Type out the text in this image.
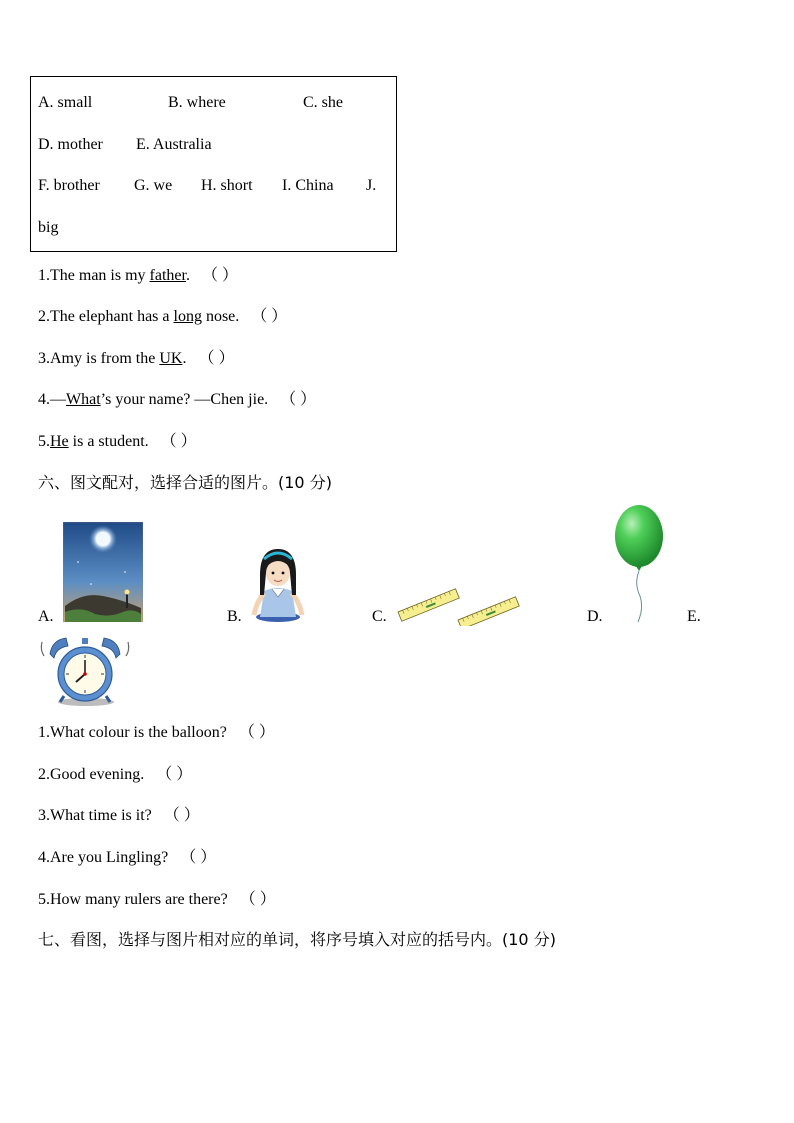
A. small	B. where	C. she
D. mother E. Australia
F. brother G. we H. short I. China J.
big
1.The man is my father. （ ）
2.The elephant has a long nose. （ ）
3.Amy is from the UK. （ ）
4.—What’s your name? —Chen jie. （ ）
5.He is a student. （ ）
六、图文配对，选择合适的图片。(10 分)
A.	B.	C.	D.	E.
1.What colour is the balloon? （ ）
2.Good evening. （ ）
3.What time is it? （ ）
4.Are you Lingling? （ ）
5.How many rulers are there? （ ）
七、看图，选择与图片相对应的单词，将序号填入对应的括号内。(10 分)
